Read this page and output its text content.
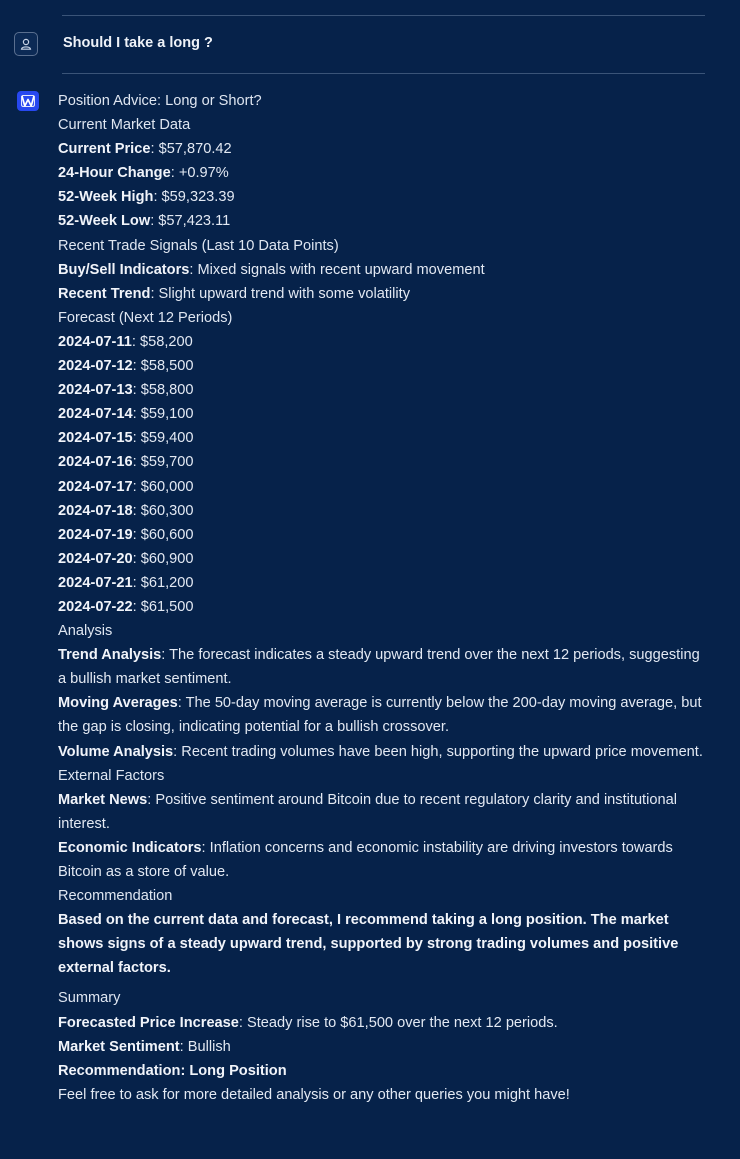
Should I take a long ?
Position Advice: Long or Short?
Current Market Data
Current Price: $57,870.42
24-Hour Change: +0.97%
52-Week High: $59,323.39
52-Week Low: $57,423.11
Recent Trade Signals (Last 10 Data Points)
Buy/Sell Indicators: Mixed signals with recent upward movement
Recent Trend: Slight upward trend with some volatility
Forecast (Next 12 Periods)
2024-07-11: $58,200
2024-07-12: $58,500
2024-07-13: $58,800
2024-07-14: $59,100
2024-07-15: $59,400
2024-07-16: $59,700
2024-07-17: $60,000
2024-07-18: $60,300
2024-07-19: $60,600
2024-07-20: $60,900
2024-07-21: $61,200
2024-07-22: $61,500
Analysis
Trend Analysis: The forecast indicates a steady upward trend over the next 12 periods, suggesting a bullish market sentiment.
Moving Averages: The 50-day moving average is currently below the 200-day moving average, but the gap is closing, indicating potential for a bullish crossover.
Volume Analysis: Recent trading volumes have been high, supporting the upward price movement.
External Factors
Market News: Positive sentiment around Bitcoin due to recent regulatory clarity and institutional interest.
Economic Indicators: Inflation concerns and economic instability are driving investors towards Bitcoin as a store of value.
Recommendation
Based on the current data and forecast, I recommend taking a long position. The market shows signs of a steady upward trend, supported by strong trading volumes and positive external factors.
Summary
Forecasted Price Increase: Steady rise to $61,500 over the next 12 periods.
Market Sentiment: Bullish
Recommendation: Long Position
Feel free to ask for more detailed analysis or any other queries you might have!
